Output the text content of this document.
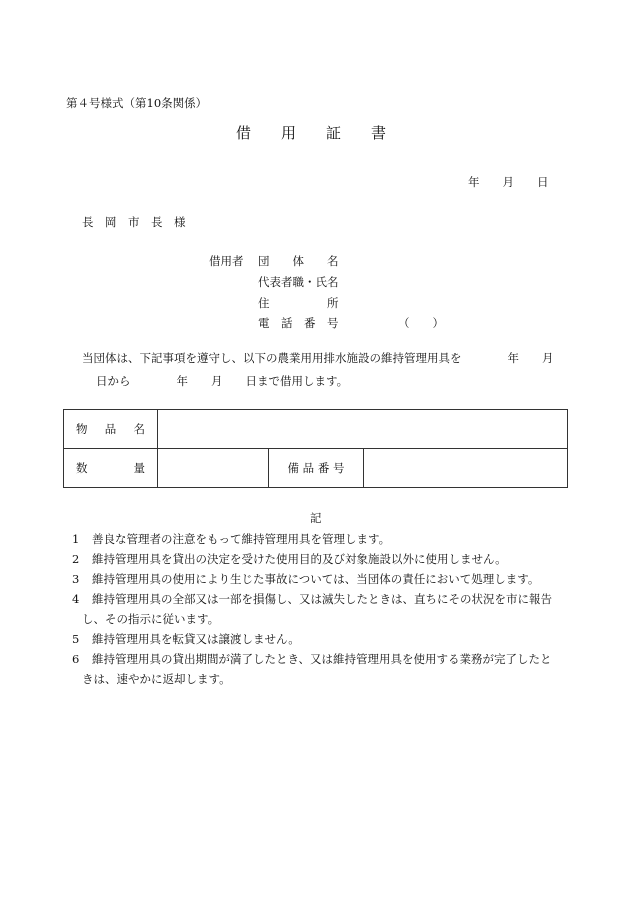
第４号様式（第10条関係）
借　　用　　証　　書
年　　月　　日
長　岡　市　長　様
借用者 団　　体　　名
代表者職・氏名
住　　　　　所
電　話　番　号	（　　）
当団体は、下記事項を遵守し、以下の農業用用排水施設の維持管理用具を　　　　年　　月
日から　　　　年　　月　　日まで借用します。
物 品 名			

数 量		備 品 番 号	
記
1 善良な管理者の注意をもって維持管理用具を管理します。
2 維持管理用具を貸出の決定を受けた使用目的及び対象施設以外に使用しません。
3 維持管理用具の使用により生じた事故については、当団体の責任において処理します。
4 維持管理用具の全部又は一部を損傷し、又は滅失したときは、直ちにその状況を市に報告
し、その指示に従います。
5 維持管理用具を転貸又は譲渡しません。
6 維持管理用具の貸出期間が満了したとき、又は維持管理用具を使用する業務が完了したと
きは、速やかに返却します。
